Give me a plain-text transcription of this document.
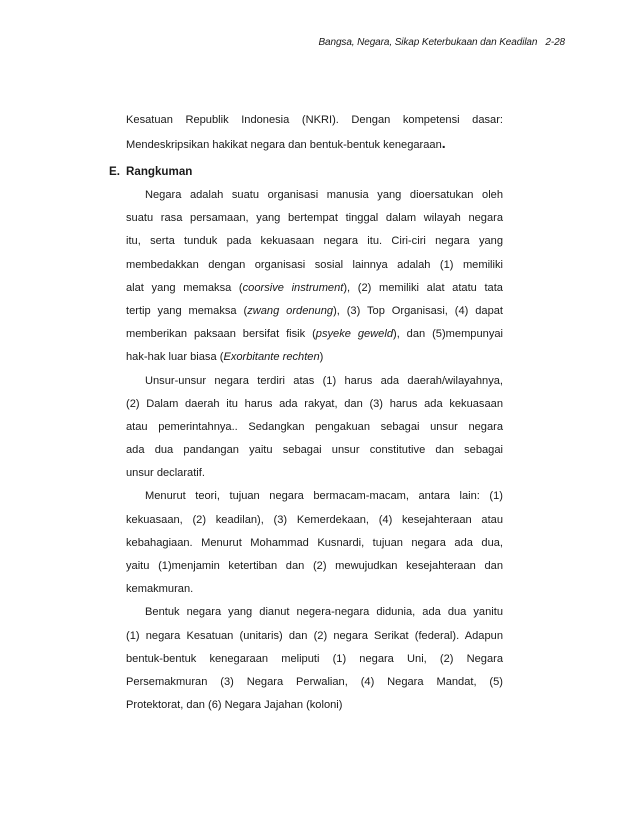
Bangsa, Negara, Sikap Keterbukaan dan Keadilan 2-28
Kesatuan Republik Indonesia (NKRI). Dengan kompetensi dasar:
Mendeskripsikan hakikat negara dan bentuk-bentuk kenegaraan.
E. Rangkuman
Negara adalah suatu organisasi manusia yang dioersatukan oleh
suatu rasa persamaan, yang bertempat tinggal dalam wilayah negara
itu, serta tunduk pada kekuasaan negara itu. Ciri-ciri negara yang
membedakkan dengan organisasi sosial lainnya adalah (1) memiliki
alat yang memaksa (coorsive instrument), (2) memiliki alat atatu tata
tertip yang memaksa (zwang ordenung), (3) Top Organisasi, (4) dapat
memberikan paksaan bersifat fisik (psyeke geweld), dan (5)mempunyai
hak-hak luar biasa (Exorbitante rechten)
Unsur-unsur negara terdiri atas (1) harus ada daerah/wilayahnya,
(2) Dalam daerah itu harus ada rakyat, dan (3) harus ada kekuasaan
atau pemerintahnya.. Sedangkan pengakuan sebagai unsur negara
ada dua pandangan yaitu sebagai unsur constitutive dan sebagai
unsur declaratif.
Menurut teori, tujuan negara bermacam-macam, antara lain: (1)
kekuasaan, (2) keadilan), (3) Kemerdekaan, (4) kesejahteraan atau
kebahagiaan. Menurut Mohammad Kusnardi, tujuan negara ada dua,
yaitu (1)menjamin ketertiban dan (2) mewujudkan kesejahteraan dan
kemakmuran.
Bentuk negara yang dianut negera-negara didunia, ada dua yanitu
(1) negara Kesatuan (unitaris) dan (2) negara Serikat (federal). Adapun
bentuk-bentuk kenegaraan meliputi (1) negara Uni, (2) Negara
Persemakmuran (3) Negara Perwalian, (4) Negara Mandat, (5)
Protektorat, dan (6) Negara Jajahan (koloni)
